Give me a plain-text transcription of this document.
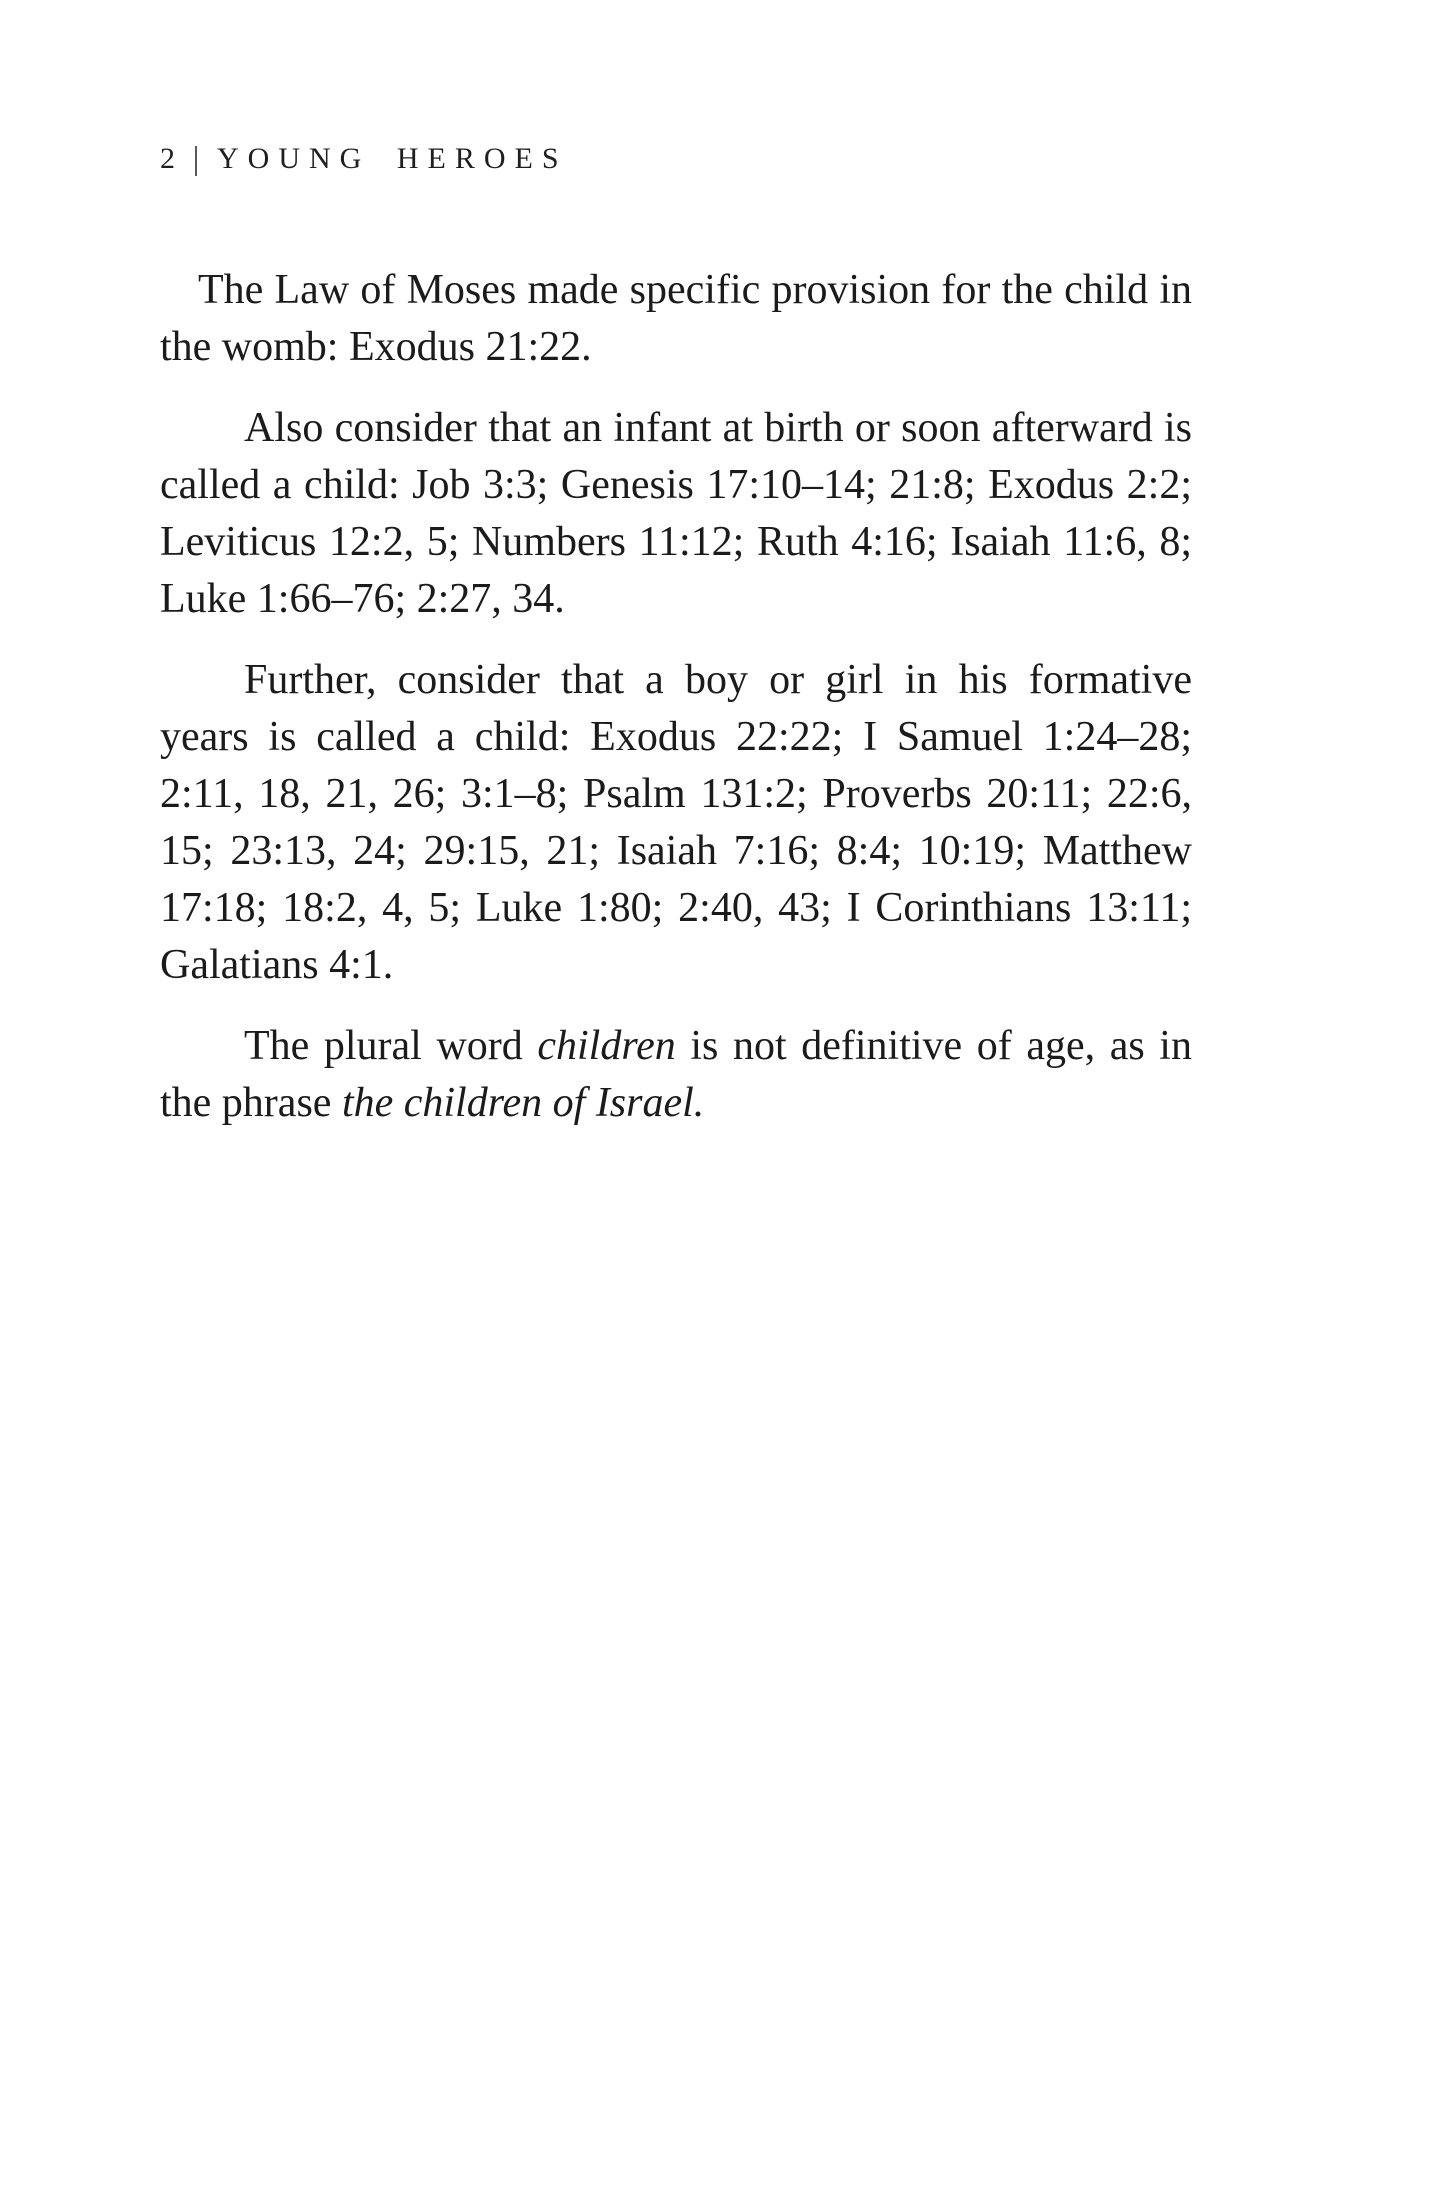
2 | YOUNG HEROES

The Law of Moses made specific provision for the child in the womb: Exodus 21:22.

Also consider that an infant at birth or soon afterward is called a child: Job 3:3; Genesis 17:10–14; 21:8; Exodus 2:2; Leviticus 12:2, 5; Numbers 11:12; Ruth 4:16; Isaiah 11:6, 8; Luke 1:66–76; 2:27, 34.

Further, consider that a boy or girl in his formative years is called a child: Exodus 22:22; I Samuel 1:24–28; 2:11, 18, 21, 26; 3:1–8; Psalm 131:2; Proverbs 20:11; 22:6, 15; 23:13, 24; 29:15, 21; Isaiah 7:16; 8:4; 10:19; Matthew 17:18; 18:2, 4, 5; Luke 1:80; 2:40, 43; I Corinthians 13:11; Galatians 4:1.

The plural word children is not definitive of age, as in the phrase the children of Israel.
